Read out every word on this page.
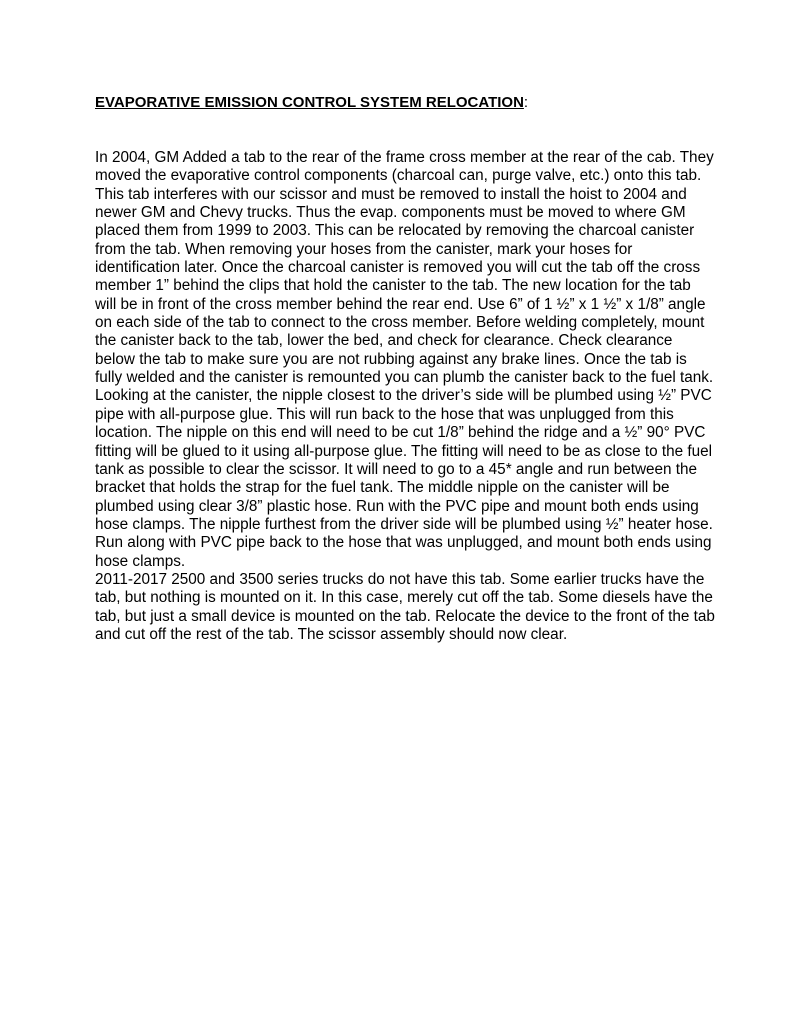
EVAPORATIVE EMISSION CONTROL SYSTEM RELOCATION:

In 2004, GM Added a tab to the rear of the frame cross member at the rear of the cab. They moved the evaporative control components (charcoal can, purge valve, etc.) onto this tab. This tab interferes with our scissor and must be removed to install the hoist to 2004 and newer GM and Chevy trucks. Thus the evap. components must be moved to where GM placed them from 1999 to 2003. This can be relocated by removing the charcoal canister from the tab. When removing your hoses from the canister, mark your hoses for identification later. Once the charcoal canister is removed you will cut the tab off the cross member 1” behind the clips that hold the canister to the tab. The new location for the tab will be in front of the cross member behind the rear end. Use 6” of 1 ½” x 1 ½” x 1/8” angle on each side of the tab to connect to the cross member. Before welding completely, mount the canister back to the tab, lower the bed, and check for clearance. Check clearance below the tab to make sure you are not rubbing against any brake lines. Once the tab is fully welded and the canister is remounted you can plumb the canister back to the fuel tank. Looking at the canister, the nipple closest to the driver’s side will be plumbed using ½” PVC pipe with all-purpose glue. This will run back to the hose that was unplugged from this location. The nipple on this end will need to be cut 1/8” behind the ridge and a ½” 90° PVC fitting will be glued to it using all-purpose glue. The fitting will need to be as close to the fuel tank as possible to clear the scissor. It will need to go to a 45* angle and run between the bracket that holds the strap for the fuel tank. The middle nipple on the canister will be plumbed using clear 3/8” plastic hose. Run with the PVC pipe and mount both ends using hose clamps. The nipple furthest from the driver side will be plumbed using ½” heater hose. Run along with PVC pipe back to the hose that was unplugged, and mount both ends using hose clamps.

2011-2017 2500 and 3500 series trucks do not have this tab. Some earlier trucks have the tab, but nothing is mounted on it. In this case, merely cut off the tab. Some diesels have the tab, but just a small device is mounted on the tab. Relocate the device to the front of the tab and cut off the rest of the tab. The scissor assembly should now clear.
